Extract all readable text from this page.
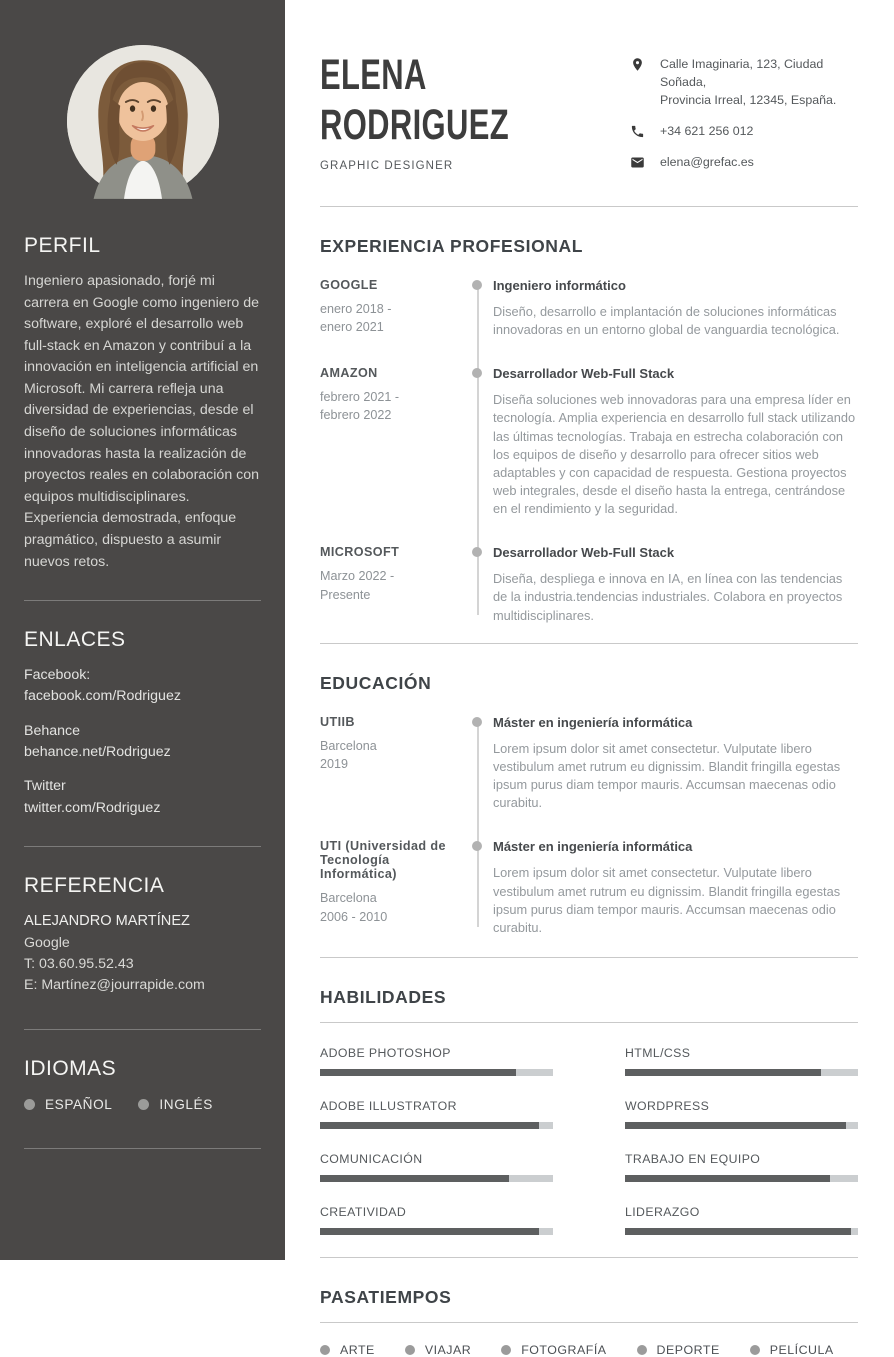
PERFIL

Ingeniero apasionado, forjé mi carrera en Google como ingeniero de software, exploré el desarrollo web full-stack en Amazon y contribuí a la innovación en inteligencia artificial en Microsoft. Mi carrera refleja una diversidad de experiencias, desde el diseño de soluciones informáticas innovadoras hasta la realización de proyectos reales en colaboración con equipos multidisciplinares. Experiencia demostrada, enfoque pragmático, dispuesto a asumir nuevos retos.

ENLACES
Facebook:
facebook.com/Rodriguez
Behance
behance.net/Rodriguez
Twitter
twitter.com/Rodriguez
REFERENCIA
ALEJANDRO MARTÍNEZ
Google
T: 03.60.95.52.43
E: Martínez@jourrapide.com
IDIOMAS
ESPAÑOL	INGLÉS
ELENA
RODRIGUEZ
GRAPHIC DESIGNER
Calle Imaginaria, 123, Ciudad Soñada,
Provincia Irreal, 12345, España.
+34 621 256 012
elena@grefac.es
EXPERIENCIA PROFESIONAL
GOOGLE
enero 2018 - enero 2021
Ingeniero informático
Diseño, desarrollo e implantación de soluciones informáticas innovadoras en un entorno global de vanguardia tecnológica.
AMAZON
febrero 2021 - febrero 2022
Desarrollador Web-Full Stack
Diseña soluciones web innovadoras para una empresa líder en tecnología. Amplia experiencia en desarrollo full stack utilizando las últimas tecnologías. Trabaja en estrecha colaboración con los equipos de diseño y desarrollo para ofrecer sitios web adaptables y con capacidad de respuesta. Gestiona proyectos web integrales, desde el diseño hasta la entrega, centrándose en el rendimiento y la seguridad.
MICROSOFT
Marzo 2022 - Presente
Desarrollador Web-Full Stack
Diseña, despliega e innova en IA, en línea con las tendencias de la industria.tendencias industriales. Colabora en proyectos multidisciplinares.
EDUCACIÓN
UTIIB
Barcelona
2019
Máster en ingeniería informática
Lorem ipsum dolor sit amet consectetur. Vulputate libero vestibulum amet rutrum eu dignissim. Blandit fringilla egestas ipsum purus diam tempor mauris. Accumsan maecenas odio curabitu.
UTI (Universidad de Tecnología Informática)
Barcelona
2006 - 2010
Máster en ingeniería informática
Lorem ipsum dolor sit amet consectetur. Vulputate libero vestibulum amet rutrum eu dignissim. Blandit fringilla egestas ipsum purus diam tempor mauris. Accumsan maecenas odio curabitu.
HABILIDADES
ADOBE PHOTOSHOP	HTML/CSS
ADOBE ILLUSTRATOR	WORDPRESS
COMUNICACIÓN	TRABAJO EN EQUIPO
CREATIVIDAD	LIDERAZGO
PASATIEMPOS
ARTE	VIAJAR	FOTOGRAFÍA	DEPORTE	PELÍCULA
